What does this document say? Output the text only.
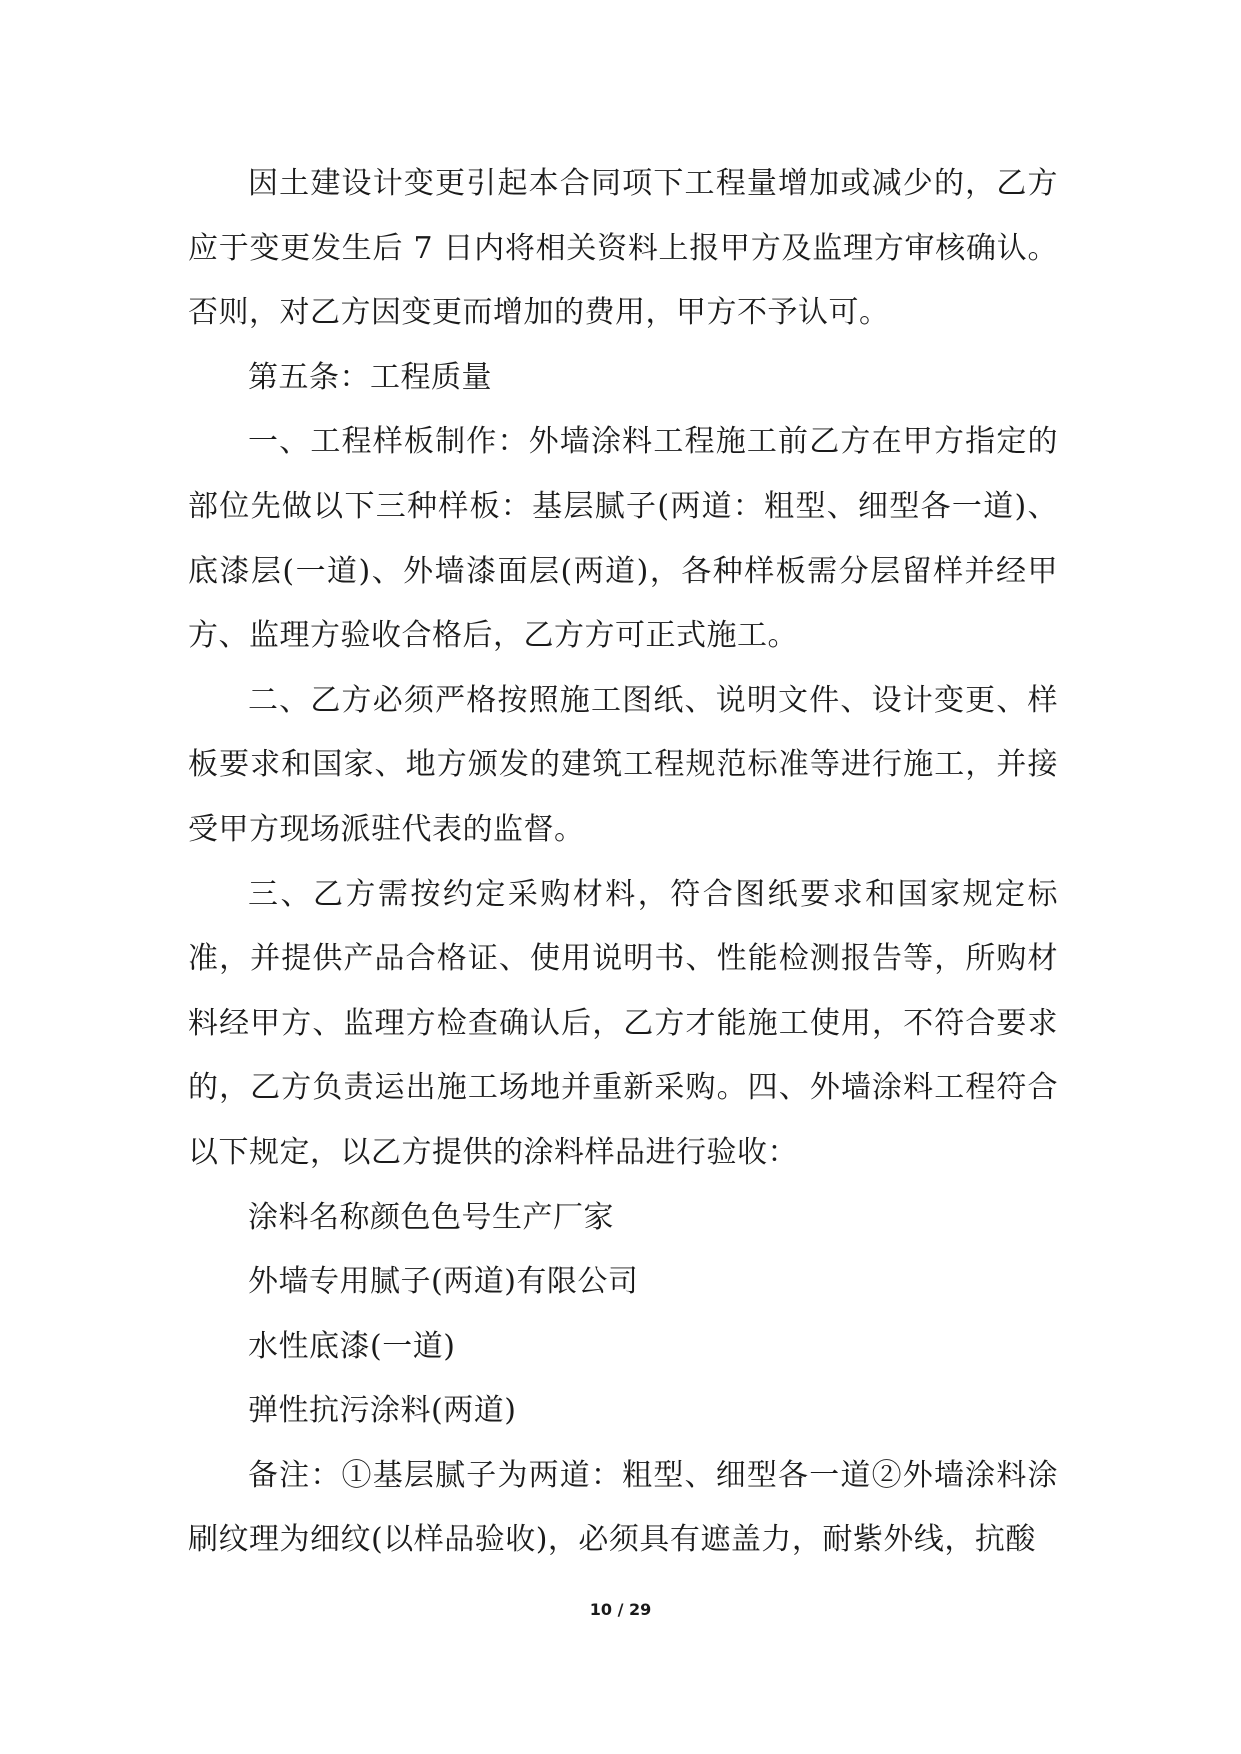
因土建设计变更引起本合同项下工程量增加或减少的，乙方应于变更发生后 7 日内将相关资料上报甲方及监理方审核确认。否则，对乙方因变更而增加的费用，甲方不予认可。

第五条：工程质量

一、工程样板制作：外墙涂料工程施工前乙方在甲方指定的部位先做以下三种样板：基层腻子(两道：粗型、细型各一道)、底漆层(一道)、外墙漆面层(两道)，各种样板需分层留样并经甲方、监理方验收合格后，乙方方可正式施工。

二、乙方必须严格按照施工图纸、说明文件、设计变更、样板要求和国家、地方颁发的建筑工程规范标准等进行施工，并接受甲方现场派驻代表的监督。

三、乙方需按约定采购材料，符合图纸要求和国家规定标准，并提供产品合格证、使用说明书、性能检测报告等，所购材料经甲方、监理方检查确认后，乙方才能施工使用，不符合要求的，乙方负责运出施工场地并重新采购。四、外墙涂料工程符合以下规定，以乙方提供的涂料样品进行验收：

涂料名称颜色色号生产厂家

外墙专用腻子(两道)有限公司

水性底漆(一道)

弹性抗污涂料(两道)

备注：①基层腻子为两道：粗型、细型各一道②外墙涂料涂刷纹理为细纹(以样品验收)，必须具有遮盖力，耐紫外线，抗酸

10 / 29
